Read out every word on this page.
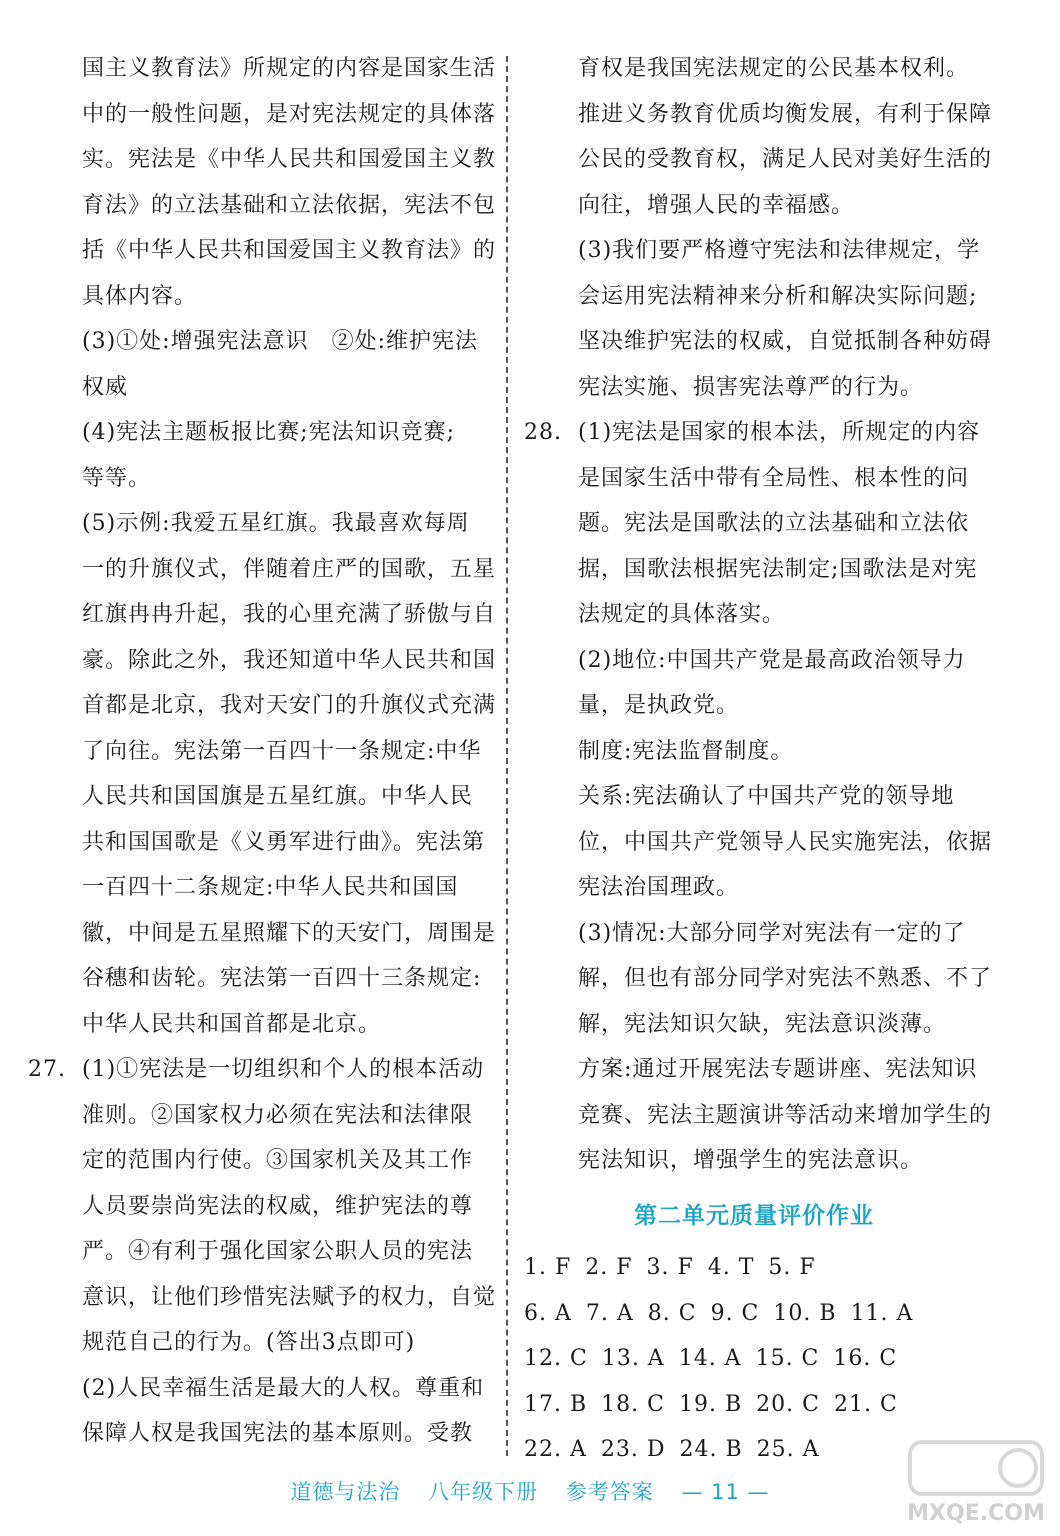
国主义教育法》所规定的内容是国家生活

中的一般性问题，是对宪法规定的具体落

实。宪法是《中华人民共和国爱国主义教

育法》的立法基础和立法依据，宪法不包

括《中华人民共和国爱国主义教育法》的

具体内容。

(3)①处:增强宪法意识　②处:维护宪法

权威

(4)宪法主题板报比赛;宪法知识竞赛;

等等。

(5)示例:我爱五星红旗。我最喜欢每周

一的升旗仪式，伴随着庄严的国歌，五星

红旗冉冉升起，我的心里充满了骄傲与自

豪。除此之外，我还知道中华人民共和国

首都是北京，我对天安门的升旗仪式充满

了向往。宪法第一百四十一条规定:中华

人民共和国国旗是五星红旗。中华人民

共和国国歌是《义勇军进行曲》。宪法第

一百四十二条规定:中华人民共和国国

徽，中间是五星照耀下的天安门，周围是

谷穗和齿轮。宪法第一百四十三条规定:

中华人民共和国首都是北京。

27. (1)①宪法是一切组织和个人的根本活动

准则。②国家权力必须在宪法和法律限

定的范围内行使。③国家机关及其工作

人员要崇尚宪法的权威，维护宪法的尊

严。④有利于强化国家公职人员的宪法

意识，让他们珍惜宪法赋予的权力，自觉

规范自己的行为。(答出3点即可)

(2)人民幸福生活是最大的人权。尊重和

保障人权是我国宪法的基本原则。受教

育权是我国宪法规定的公民基本权利。

推进义务教育优质均衡发展，有利于保障

公民的受教育权，满足人民对美好生活的

向往，增强人民的幸福感。

(3)我们要严格遵守宪法和法律规定，学

会运用宪法精神来分析和解决实际问题;

坚决维护宪法的权威，自觉抵制各种妨碍

宪法实施、损害宪法尊严的行为。

28. (1)宪法是国家的根本法，所规定的内容

是国家生活中带有全局性、根本性的问

题。宪法是国歌法的立法基础和立法依

据，国歌法根据宪法制定;国歌法是对宪

法规定的具体落实。

(2)地位:中国共产党是最高政治领导力

量，是执政党。

制度:宪法监督制度。

关系:宪法确认了中国共产党的领导地

位，中国共产党领导人民实施宪法，依据

宪法治国理政。

(3)情况:大部分同学对宪法有一定的了

解，但也有部分同学对宪法不熟悉、不了

解，宪法知识欠缺，宪法意识淡薄。

方案:通过开展宪法专题讲座、宪法知识

竞赛、宪法主题演讲等活动来增加学生的

宪法知识，增强学生的宪法意识。

第二单元质量评价作业

1. F 2. F 3. F 4. T 5. F

6. A 7. A 8. C 9. C 10. B 11. A

12. C 13. A 14. A 15. C 16. C

17. B 18. C 19. B 20. C 21. C

22. A 23. D 24. B 25. A

道德与法治 八年级下册 参考答案 — 11 —
MXQE.COM
